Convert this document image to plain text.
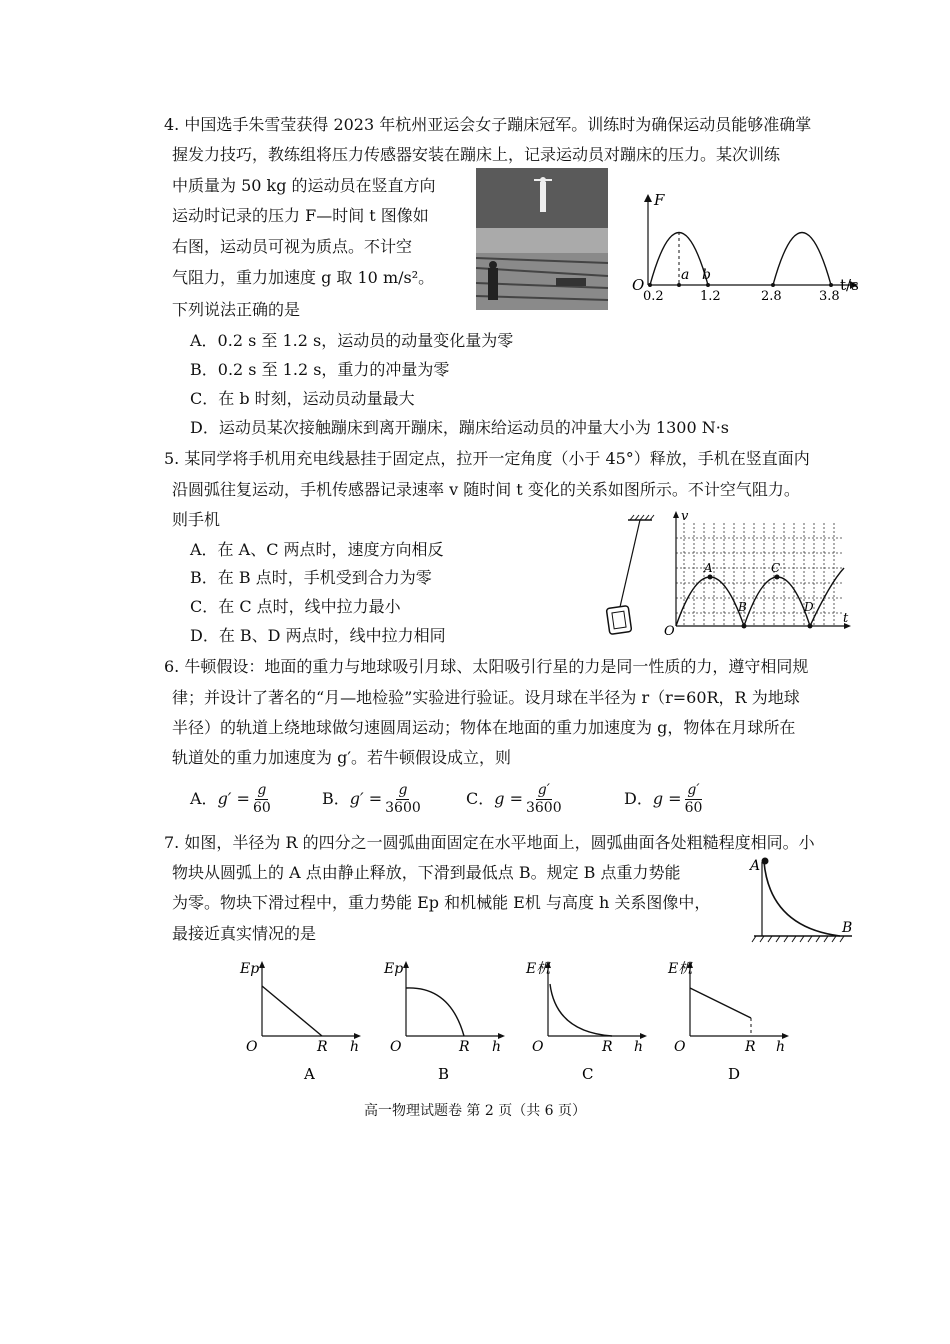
4. 中国选手朱雪莹获得 2023 年杭州亚运会女子蹦床冠军。训练时为确保运动员能够准确掌
握发力技巧，教练组将压力传感器安装在蹦床上，记录运动员对蹦床的压力。某次训练
中质量为 50 kg 的运动员在竖直方向
运动时记录的压力 F—时间 t 图像如
右图，运动员可视为质点。不计空
气阻力，重力加速度 g 取 10 m/s²。
下列说法正确的是
F
t/s
O
a b
0.2	1.2	2.8	3.8
A．0.2 s 至 1.2 s，运动员的动量变化量为零
B．0.2 s 至 1.2 s，重力的冲量为零
C．在 b 时刻，运动员动量最大
D．运动员某次接触蹦床到离开蹦床，蹦床给运动员的冲量大小为 1300 N·s
5. 某同学将手机用充电线悬挂于固定点，拉开一定角度（小于 45°）释放，手机在竖直面内
沿圆弧往复运动，手机传感器记录速率 v 随时间 t 变化的关系如图所示。不计空气阻力。
则手机
A．在 A、C 两点时，速度方向相反
B．在 B 点时，手机受到合力为零
C．在 C 点时，线中拉力最小
D．在 B、D 两点时，线中拉力相同
v
t
O
A
B
C
D
6. 牛顿假设：地面的重力与地球吸引月球、太阳吸引行星的力是同一性质的力，遵守相同规
律；并设计了著名的“月—地检验”实验进行验证。设月球在半径为 r（r=60R，R 为地球
半径）的轨道上绕地球做匀速圆周运动；物体在地面的重力加速度为 g，物体在月球所在
轨道处的重力加速度为 g′。若牛顿假设成立，则
A．$g' = \frac{g}{60}$	B．$g' = \frac{g}{3600}$	C．$g = \frac{g'}{3600}$	D．$g = \frac{g'}{60}$
7. 如图，半径为 R 的四分之一圆弧曲面固定在水平地面上，圆弧曲面各处粗糙程度相同。小
物块从圆弧上的 A 点由静止释放，下滑到最低点 B。规定 B 点重力势能
为零。物块下滑过程中，重力势能 Ep 和机械能 E机 与高度 h 关系图像中，
最接近真实情况的是
A
B
Ep
O	R h
A
Ep
O	R h
B
E机
O	R h
C
E机
O	R h
D
高一物理试题卷 第 2 页（共 6 页）
